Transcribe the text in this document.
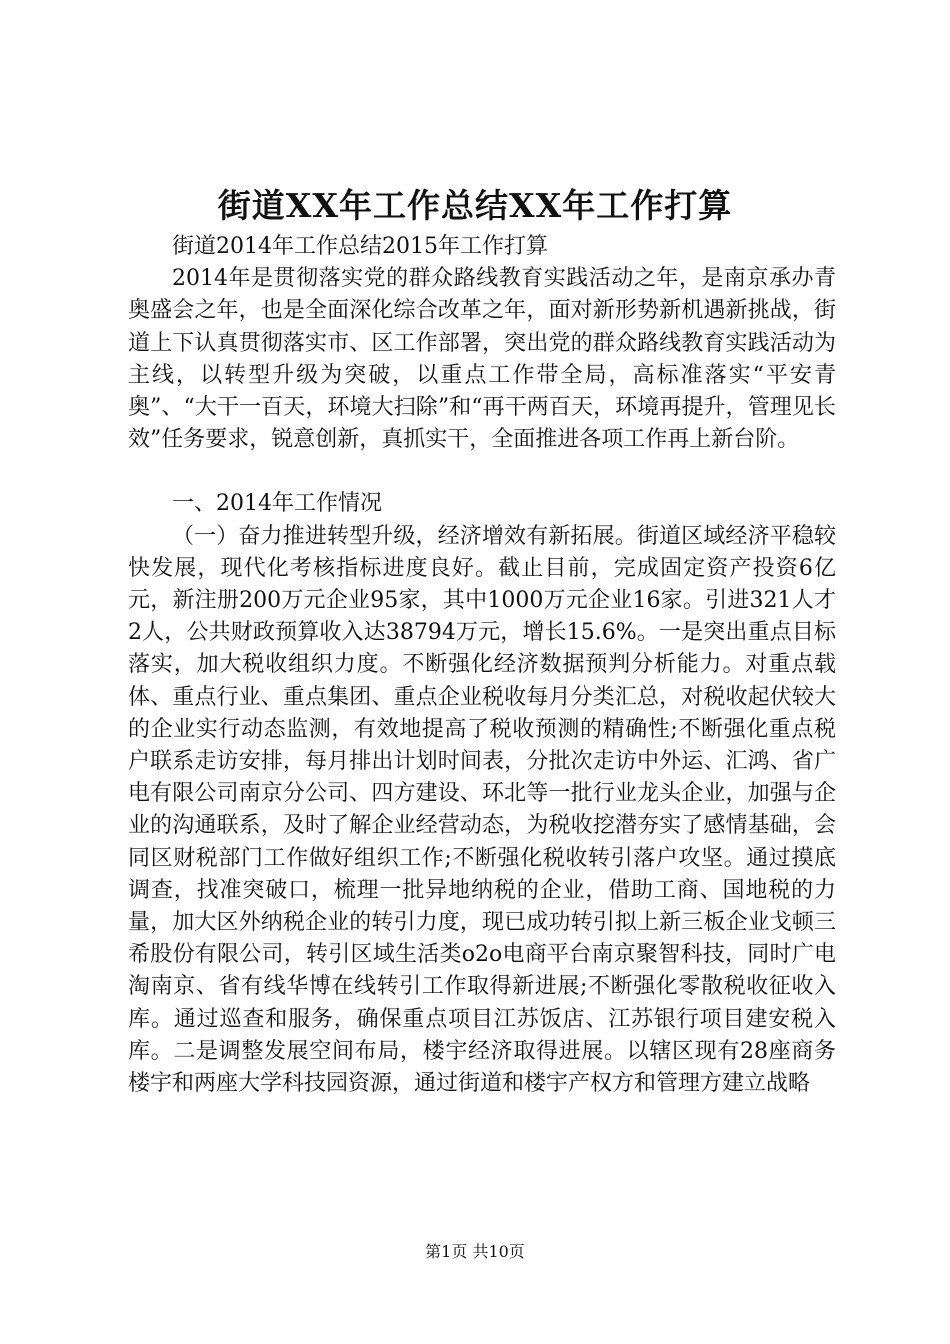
街道XX年工作总结XX年工作打算

街道2014年工作总结2015年工作打算

2014年是贯彻落实党的群众路线教育实践活动之年，是南京承办青奥盛会之年，也是全面深化综合改革之年，面对新形势新机遇新挑战，街道上下认真贯彻落实市、区工作部署，突出党的群众路线教育实践活动为主线，以转型升级为突破，以重点工作带全局，高标准落实“平安青奥”、“大干一百天，环境大扫除”和“再干两百天，环境再提升，管理见长效”任务要求，锐意创新，真抓实干，全面推进各项工作再上新台阶。

一、2014年工作情况

（一）奋力推进转型升级，经济增效有新拓展。街道区域经济平稳较快发展，现代化考核指标进度良好。截止目前，完成固定资产投资6亿元，新注册200万元企业95家，其中1000万元企业16家。引进321人才2人，公共财政预算收入达38794万元，增长15.6%。一是突出重点目标落实，加大税收组织力度。不断强化经济数据预判分析能力。对重点载体、重点行业、重点集团、重点企业税收每月分类汇总，对税收起伏较大的企业实行动态监测，有效地提高了税收预测的精确性;不断强化重点税户联系走访安排，每月排出计划时间表，分批次走访中外运、汇鸿、省广电有限公司南京分公司、四方建设、环北等一批行业龙头企业，加强与企业的沟通联系，及时了解企业经营动态，为税收挖潜夯实了感情基础，会同区财税部门工作做好组织工作;不断强化税收转引落户攻坚。通过摸底调查，找准突破口，梳理一批异地纳税的企业，借助工商、国地税的力量，加大区外纳税企业的转引力度，现已成功转引拟上新三板企业戈顿三希股份有限公司，转引区域生活类o2o电商平台南京聚智科技，同时广电淘南京、省有线华博在线转引工作取得新进展;不断强化零散税收征收入库。通过巡查和服务，确保重点项目江苏饭店、江苏银行项目建安税入库。二是调整发展空间布局，楼宇经济取得进展。以辖区现有28座商务楼宇和两座大学科技园资源，通过街道和楼宇产权方和管理方建立战略

第1页 共10页
